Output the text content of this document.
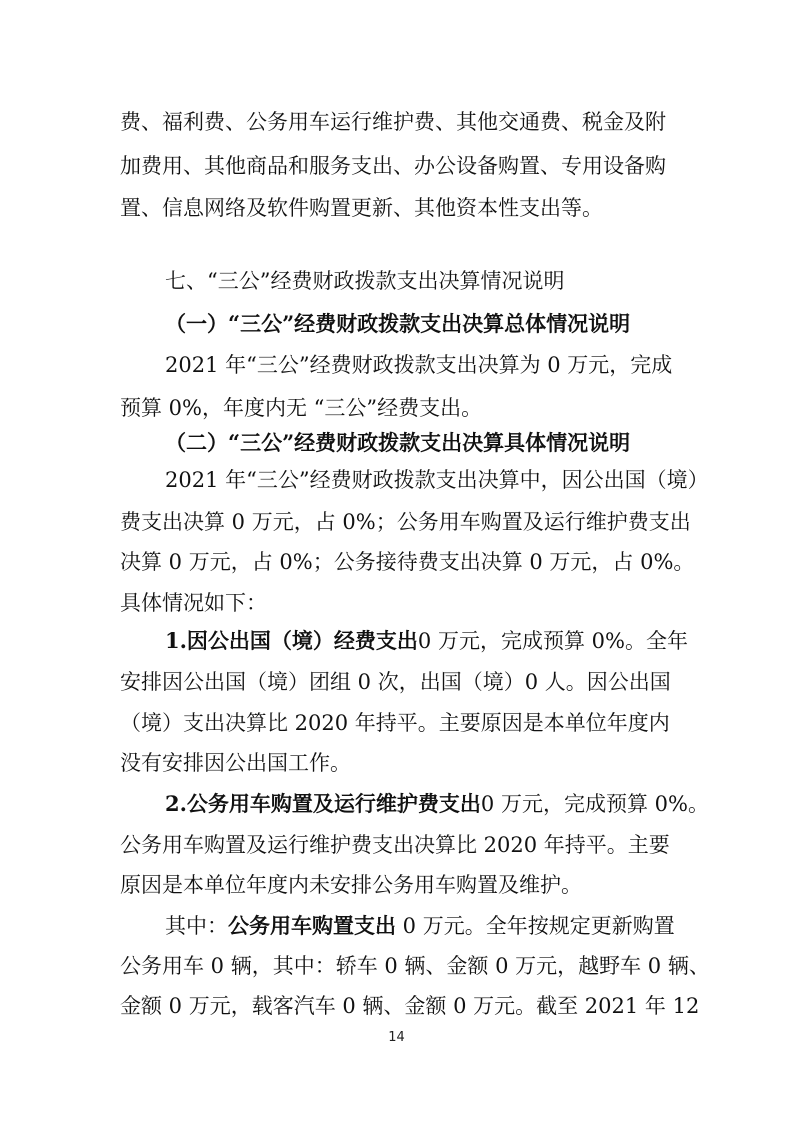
费、福利费、公务用车运行维护费、其他交通费、税金及附
加费用、其他商品和服务支出、办公设备购置、专用设备购
置、信息网络及软件购置更新、其他资本性支出等。
七、“三公”经费财政拨款支出决算情况说明
（一）“三公”经费财政拨款支出决算总体情况说明
2021 年“三公”经费财政拨款支出决算为 0 万元，完成
预算 0%，年度内无 “三公”经费支出。
（二）“三公”经费财政拨款支出决算具体情况说明
2021 年“三公”经费财政拨款支出决算中，因公出国（境）
费支出决算 0 万元，占 0%；公务用车购置及运行维护费支出
决算 0 万元，占 0%；公务接待费支出决算 0 万元，占 0%。
具体情况如下：
1.因公出国（境）经费支出0 万元，完成预算 0%。全年
安排因公出国（境）团组 0 次，出国（境）0 人。因公出国
（境）支出决算比 2020 年持平。主要原因是本单位年度内
没有安排因公出国工作。
2.公务用车购置及运行维护费支出0 万元，完成预算 0%。
公务用车购置及运行维护费支出决算比 2020 年持平。主要
原因是本单位年度内未安排公务用车购置及维护。
其中：公务用车购置支出 0 万元。全年按规定更新购置
公务用车 0 辆，其中：轿车 0 辆、金额 0 万元，越野车 0 辆、
金额 0 万元，载客汽车 0 辆、金额 0 万元。截至 2021 年 12
14
